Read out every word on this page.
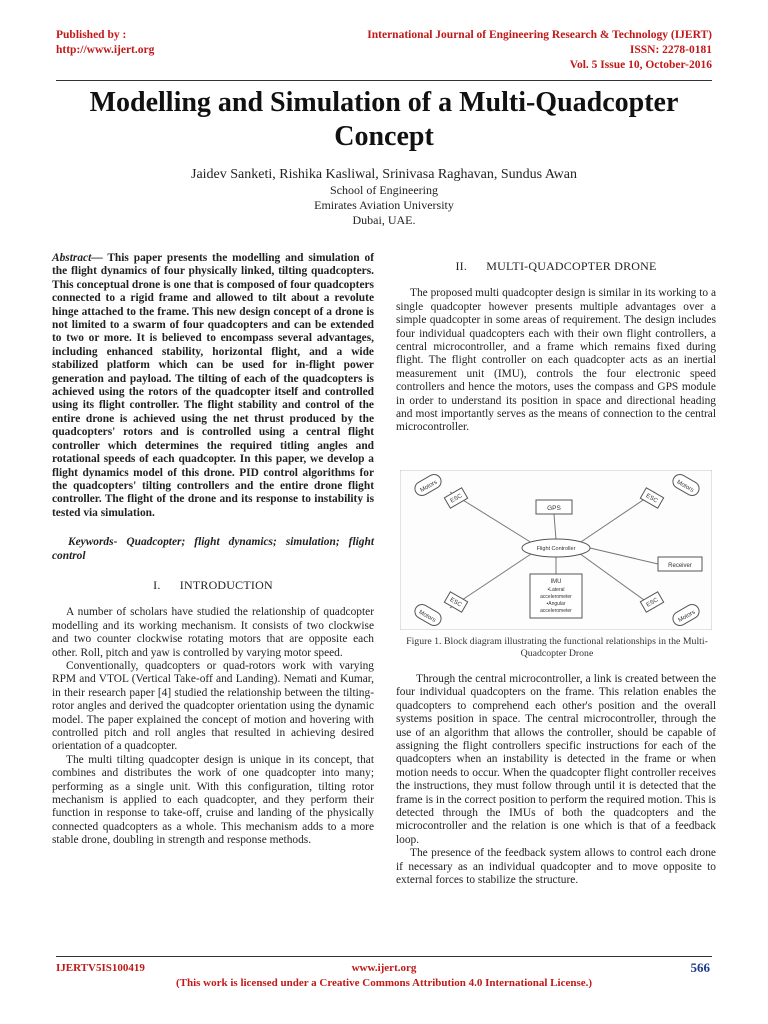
Published by :
http://www.ijert.org
International Journal of Engineering Research & Technology (IJERT)
ISSN: 2278-0181
Vol. 5 Issue 10, October-2016
Modelling and Simulation of a Multi-Quadcopter Concept
Jaidev Sanketi, Rishika Kasliwal, Srinivasa Raghavan, Sundus Awan
School of Engineering
Emirates Aviation University
Dubai, UAE.
Abstract— This paper presents the modelling and simulation of the flight dynamics of four physically linked, tilting quadcopters. This conceptual drone is one that is composed of four quadcopters connected to a rigid frame and allowed to tilt about a revolute hinge attached to the frame. This new design concept of a drone is not limited to a swarm of four quadcopters and can be extended to two or more. It is believed to encompass several advantages, including enhanced stability, horizontal flight, and a wide stabilized platform which can be used for in-flight power generation and payload. The tilting of each of the quadcopters is achieved using the rotors of the quadcopter itself and controlled using its flight controller. The flight stability and control of the entire drone is achieved using the net thrust produced by the quadcopters' rotors and is controlled using a central flight controller which determines the required titling angles and rotational speeds of each quadcopter. In this paper, we develop a flight dynamics model of this drone. PID control algorithms for the quadcopters' tilting controllers and the entire drone flight controller. The flight of the drone and its response to instability is tested via simulation.
Keywords- Quadcopter; flight dynamics; simulation; flight control
I.      INTRODUCTION

A number of scholars have studied the relationship of quadcopter modelling and its working mechanism. It consists of two clockwise and two counter clockwise rotating motors that are opposite each other. Roll, pitch and yaw is controlled by varying motor speed.

Conventionally, quadcopters or quad-rotors work with varying RPM and VTOL (Vertical Take-off and Landing). Nemati and Kumar, in their research paper [4] studied the relationship between the tilting-rotor angles and derived the quadcopter orientation using the dynamic model. The paper explained the concept of motion and hovering with controlled pitch and roll angles that resulted in achieving desired orientation of a quadcopter.

The multi tilting quadcopter design is unique in its concept, that combines and distributes the work of one quadcopter into many; performing as a single unit. With this configuration, tilting rotor mechanism is applied to each quadcopter, and they perform their function in response to take-off, cruise and landing of the physically connected quadcopters as a whole. This mechanism adds to a more stable drone, doubling in strength and response methods.

II.      MULTI-QUADCOPTER DRONE

The proposed multi quadcopter design is similar in its working to a single quadcopter however presents multiple advantages over a simple quadcopter in some areas of requirement. The design includes four individual quadcopters each with their own flight controllers, a central microcontroller, and a frame which remains fixed during flight. The flight controller on each quadcopter acts as an inertial measurement unit (IMU), controls the four electronic speed controllers and hence the motors, uses the compass and GPS module in order to understand its position in space and directional heading and most importantly serves as the means of connection to the central microcontroller.

Motors
ESC
Motors
ESC
Motors
ESC
Motors
ESC
GPS
Flight Controller
Receiver
IMU
•Lateral
accelerometer
•Angular
accelerometer
Figure 1. Block diagram illustrating the functional relationships in the Multi-Quadcopter Drone

Through the central microcontroller, a link is created between the four individual quadcopters on the frame. This relation enables the quadcopters to comprehend each other's position and the overall systems position in space. The central microcontroller, through the use of an algorithm that allows the controller, should be capable of assigning the flight controllers specific instructions for each of the quadcopters when an instability is detected in the frame or when motion needs to occur. When the quadcopter flight controller receives the instructions, they must follow through until it is detected that the frame is in the correct position to perform the required motion. This is detected through the IMUs of both the quadcopters and the microcontroller and the relation is one which is that of a feedback loop.

The presence of the feedback system allows to control each drone if necessary as an individual quadcopter and to move opposite to external forces to stabilize the structure.

IJERTV5IS100419	www.ijert.org	566
(This work is licensed under a Creative Commons Attribution 4.0 International License.)
